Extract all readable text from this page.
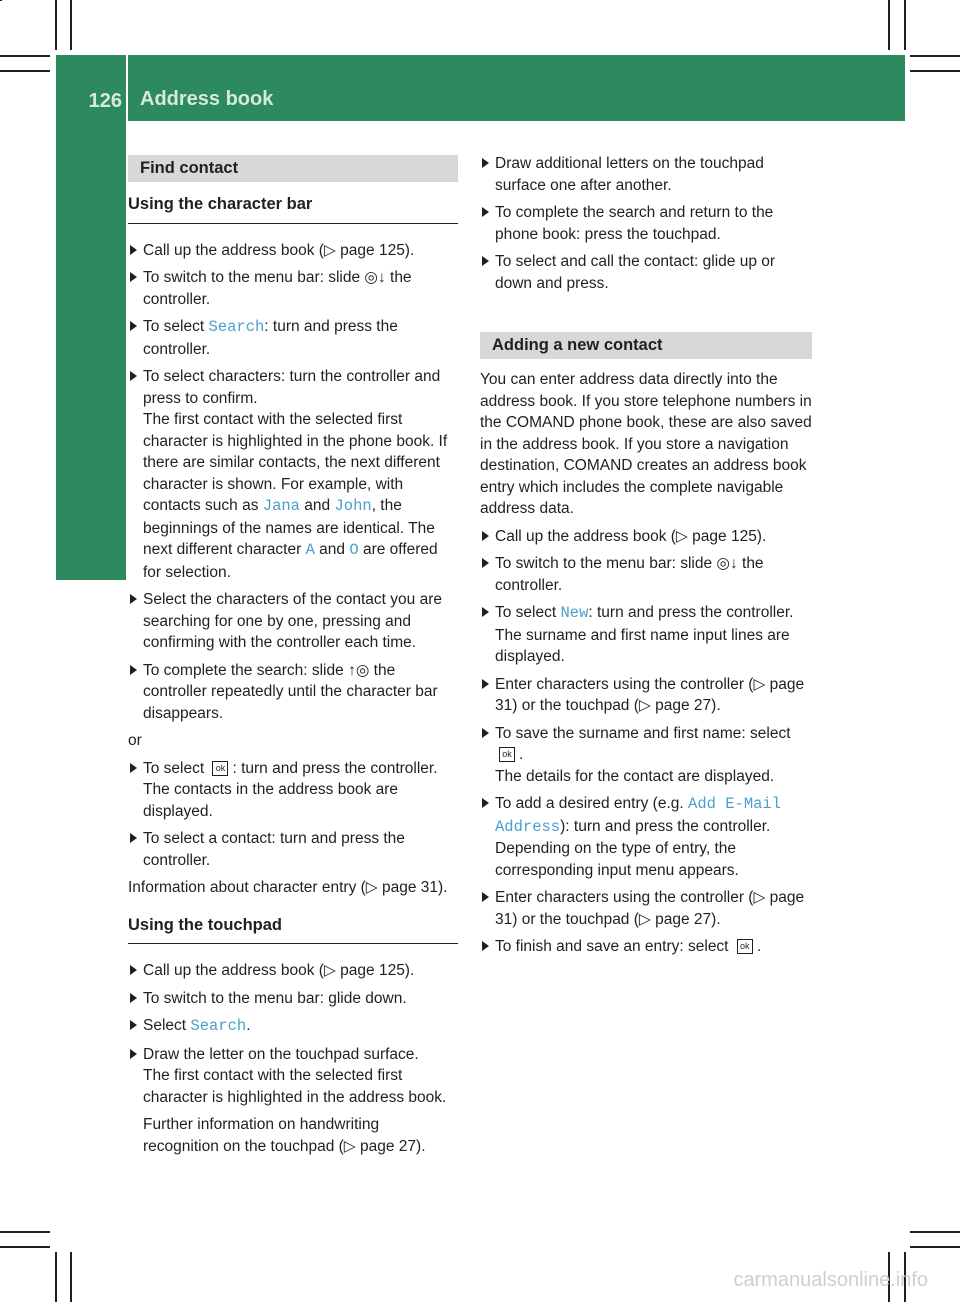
126 Address book
Telephone
Find contact
Using the character bar
Call up the address book (▷ page 125).
To switch to the menu bar: slide ◎↓ the controller.
To select Search: turn and press the controller.
To select characters: turn the controller and press to confirm.
The first contact with the selected first character is highlighted in the phone book. If there are similar contacts, the next different character is shown. For example, with contacts such as Jana and John, the beginnings of the names are identical. The next different character A and O are offered for selection.
Select the characters of the contact you are searching for one by one, pressing and confirming with the controller each time.
To complete the search: slide ↑◎ the controller repeatedly until the character bar disappears.

or

To select ok : turn and press the controller.
The contacts in the address book are displayed.
To select a contact: turn and press the controller.

Information about character entry (▷ page 31).

Using the touchpad
Call up the address book (▷ page 125).
To switch to the menu bar: glide down.
Select Search.
Draw the letter on the touchpad surface.
The first contact with the selected first character is highlighted in the address book.
Further information on handwriting recognition on the touchpad (▷ page 27).
Draw additional letters on the touchpad surface one after another.
To complete the search and return to the phone book: press the touchpad.
To select and call the contact: glide up or down and press.
Adding a new contact

You can enter address data directly into the address book. If you store telephone numbers in the COMAND phone book, these are also saved in the address book. If you store a navigation destination, COMAND creates an address book entry which includes the complete navigable address data.

Call up the address book (▷ page 125).
To switch to the menu bar: slide ◎↓ the controller.
To select New: turn and press the controller.
The surname and first name input lines are displayed.
Enter characters using the controller (▷ page 31) or the touchpad (▷ page 27).
To save the surname and first name: select ok .
The details for the contact are displayed.
To add a desired entry (e.g. Add E-Mail Address): turn and press the controller.
Depending on the type of entry, the corresponding input menu appears.
Enter characters using the controller (▷ page 31) or the touchpad (▷ page 27).
To finish and save an entry: select ok .
carmanualsonline.info
